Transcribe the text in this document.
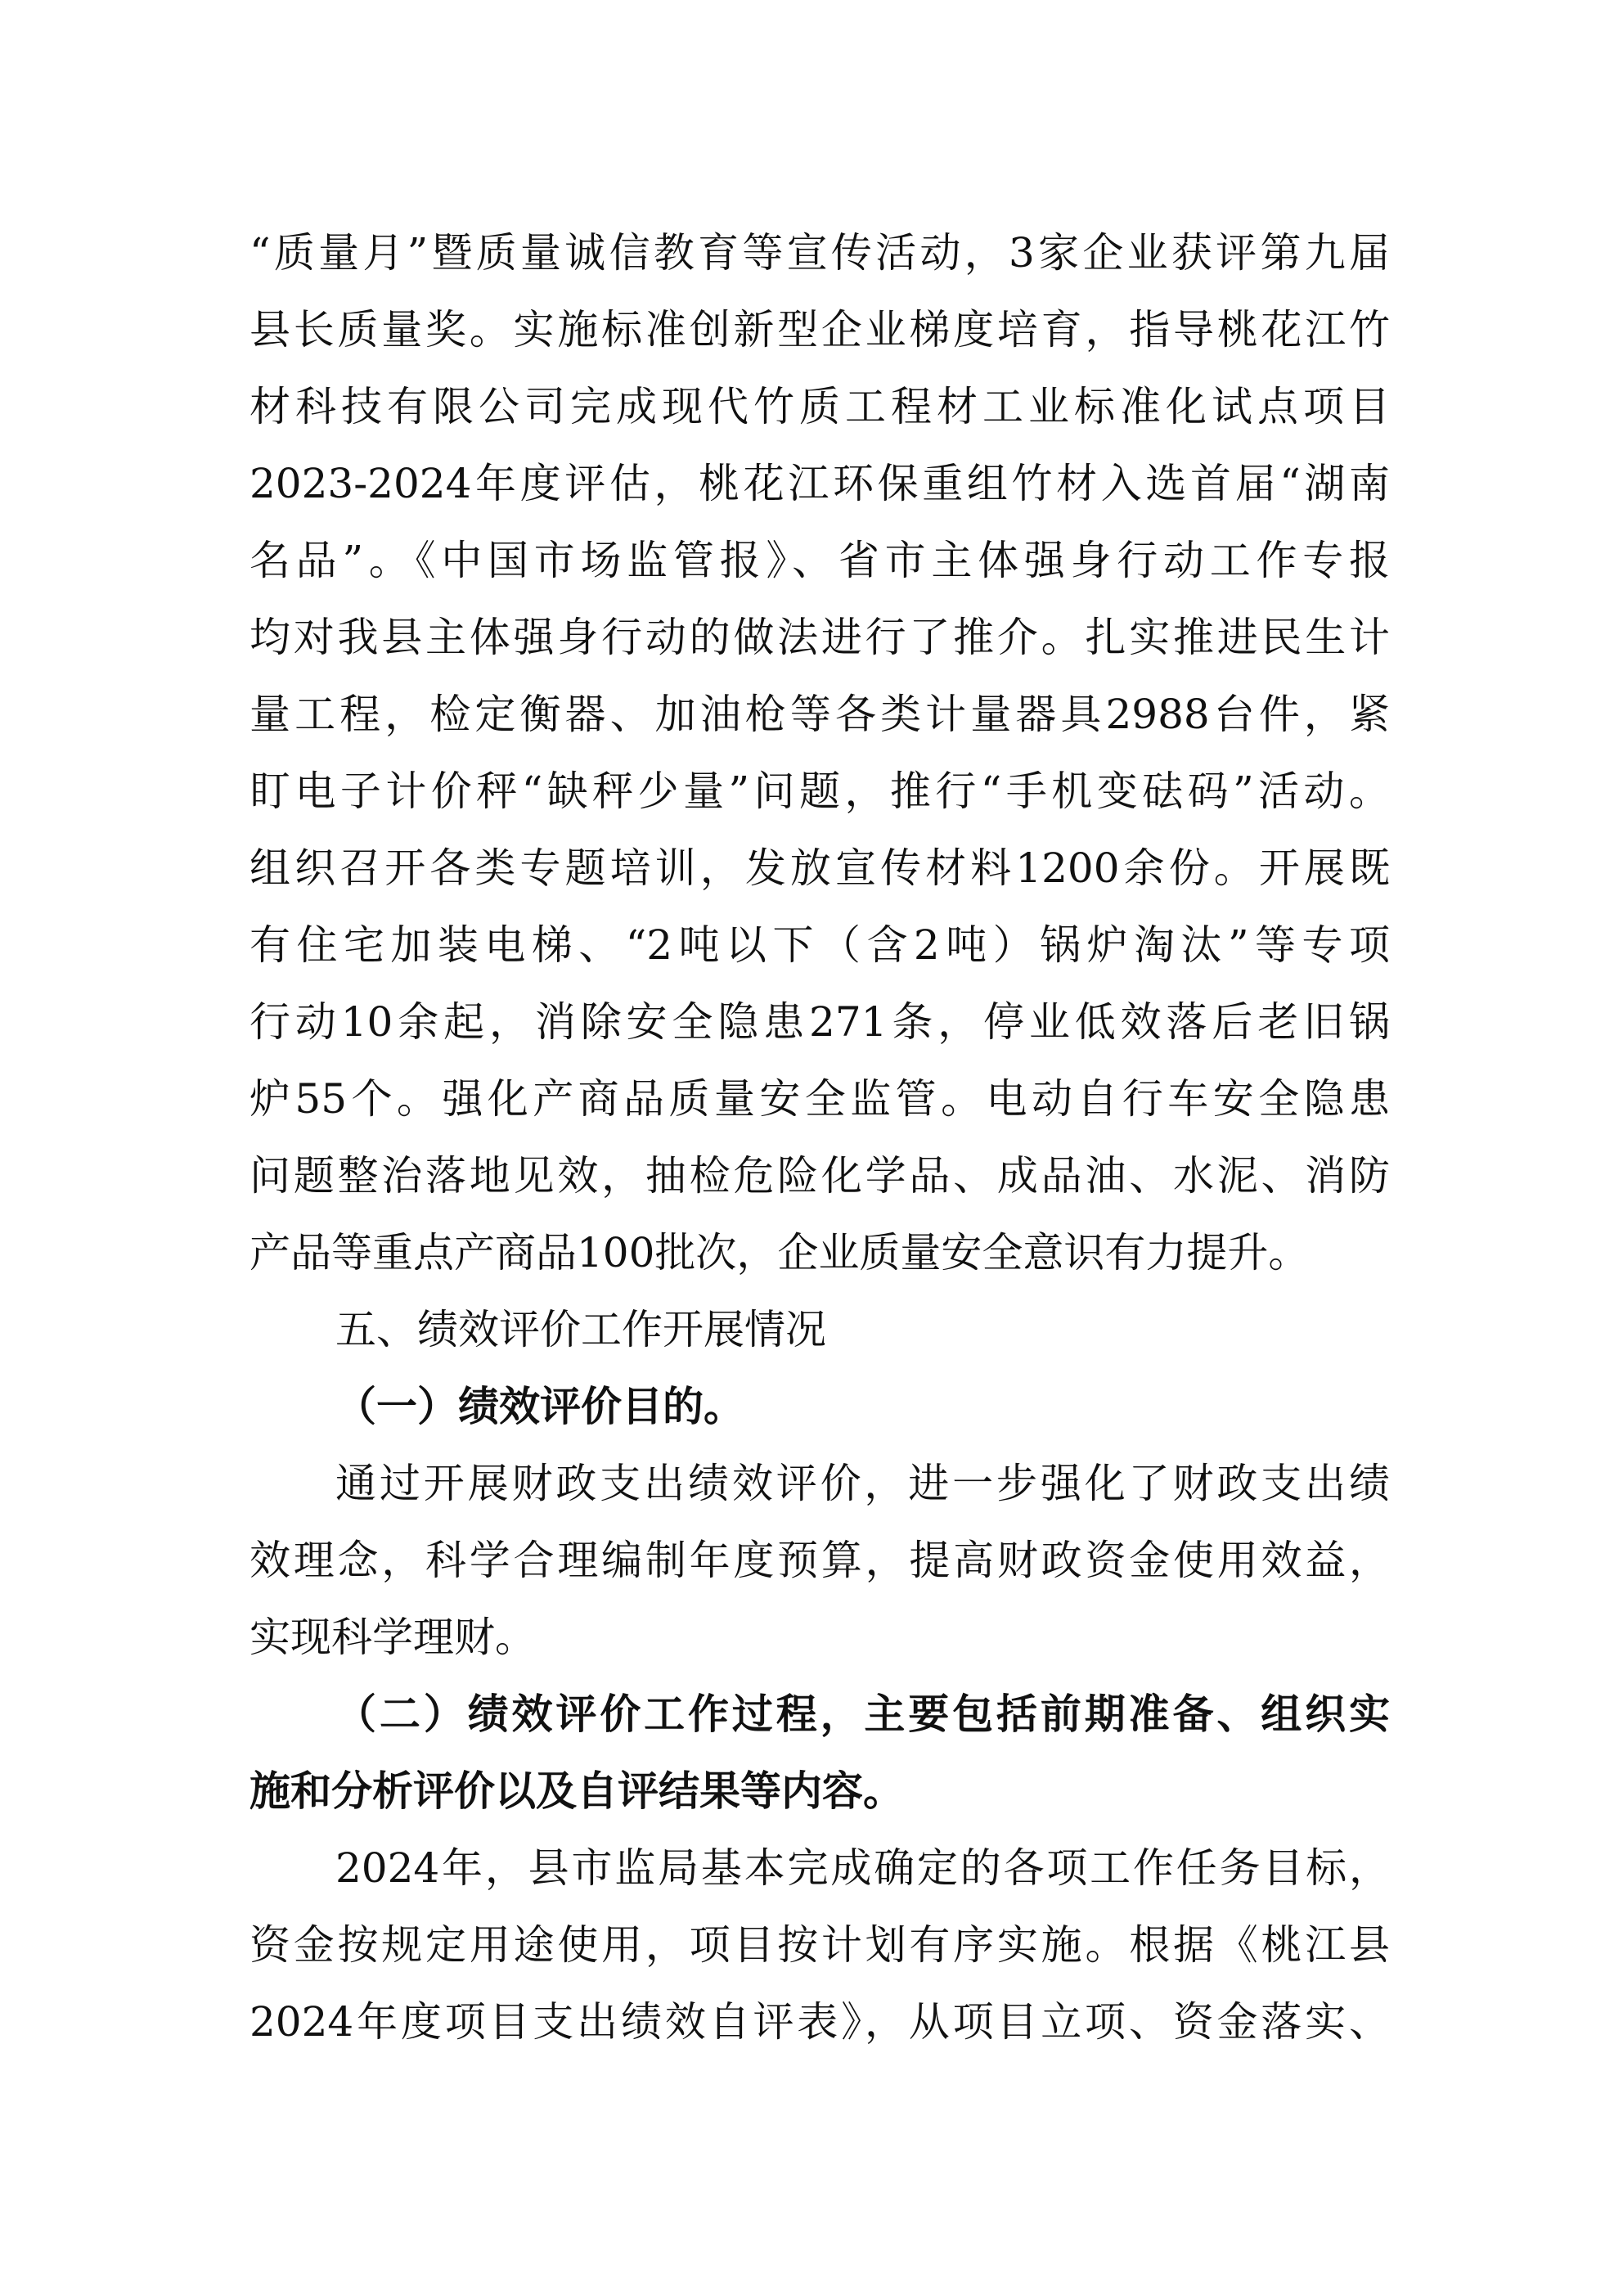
“质量月”暨质量诚信教育等宣传活动，3家企业获评第九届
县长质量奖。实施标准创新型企业梯度培育，指导桃花江竹
材科技有限公司完成现代竹质工程材工业标准化试点项目
2023-2024年度评估，桃花江环保重组竹材入选首届“湖南
名品”。《中国市场监管报》、省市主体强身行动工作专报
均对我县主体强身行动的做法进行了推介。扎实推进民生计
量工程，检定衡器、加油枪等各类计量器具2988台件，紧
盯电子计价秤“缺秤少量”问题，推行“手机变砝码”活动。
组织召开各类专题培训，发放宣传材料1200余份。开展既
有住宅加装电梯、“2吨以下（含2吨）锅炉淘汰”等专项
行动10余起，消除安全隐患271条，停业低效落后老旧锅
炉55个。强化产商品质量安全监管。电动自行车安全隐患
问题整治落地见效，抽检危险化学品、成品油、水泥、消防
产品等重点产商品100批次，企业质量安全意识有力提升。
五、绩效评价工作开展情况
（一）绩效评价目的。
通过开展财政支出绩效评价，进一步强化了财政支出绩
效理念，科学合理编制年度预算，提高财政资金使用效益，
实现科学理财。
（二）绩效评价工作过程，主要包括前期准备、组织实
施和分析评价以及自评结果等内容。
2024年，县市监局基本完成确定的各项工作任务目标，
资金按规定用途使用，项目按计划有序实施。根据《桃江县
2024年度项目支出绩效自评表》，从项目立项、资金落实、
